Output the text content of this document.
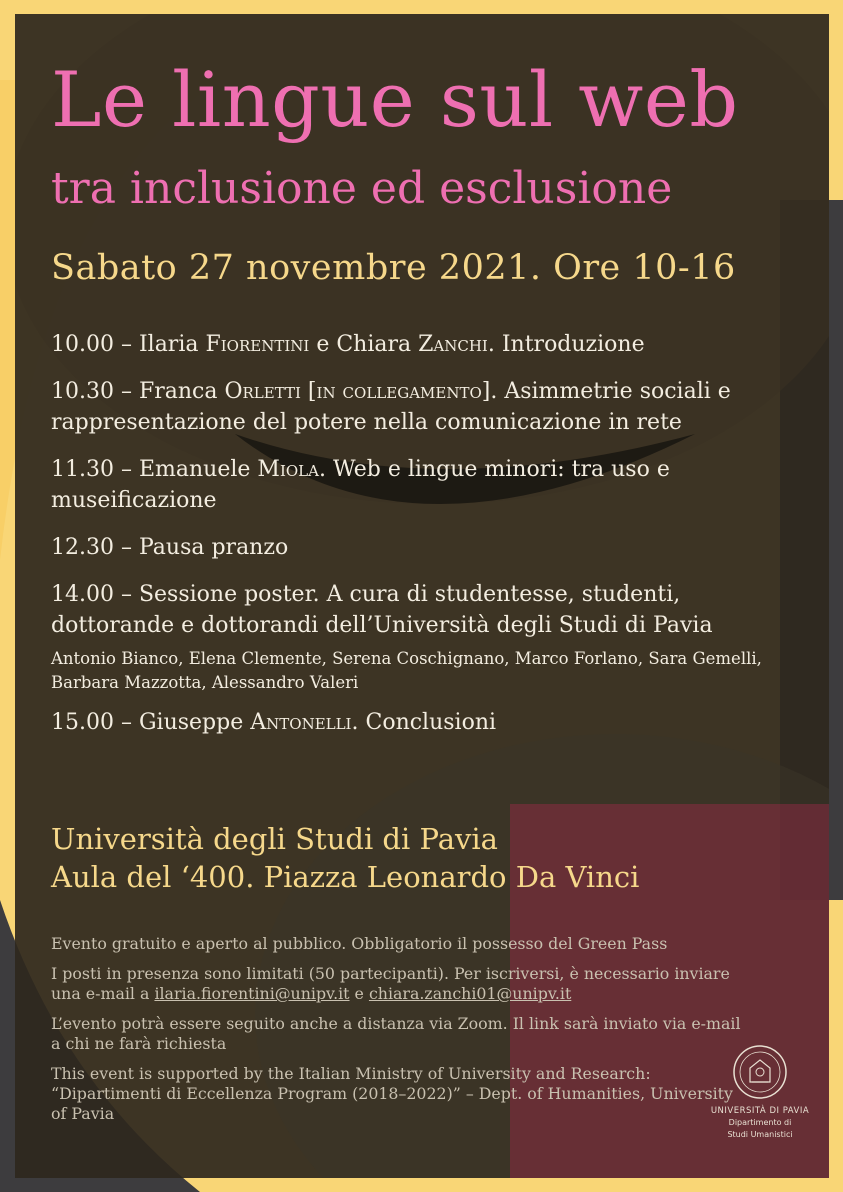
Le lingue sul web
tra inclusione ed esclusione
Sabato 27 novembre 2021. Ore 10-16

10.00 – Ilaria Fiorentini e Chiara Zanchi. Introduzione

10.30 – Franca Orletti [in collegamento]. Asimmetrie sociali e rappresentazione del potere nella comunicazione in rete

11.30 – Emanuele Miola. Web e lingue minori: tra uso e museificazione

12.30 – Pausa pranzo

14.00 – Sessione poster. A cura di studentesse, studenti, dottorande e dottorandi dell’Università degli Studi di Pavia

Antonio Bianco, Elena Clemente, Serena Coschignano, Marco Forlano, Sara Gemelli, Barbara Mazzotta, Alessandro Valeri

15.00 – Giuseppe Antonelli. Conclusioni

Università degli Studi di Pavia
Aula del ‘400. Piazza Leonardo Da Vinci

Evento gratuito e aperto al pubblico. Obbligatorio il possesso del Green Pass

I posti in presenza sono limitati (50 partecipanti). Per iscriversi, è necessario inviare una e-mail a ilaria.fiorentini@unipv.it e chiara.zanchi01@unipv.it

L’evento potrà essere seguito anche a distanza via Zoom. Il link sarà inviato via e-mail a chi ne farà richiesta

This event is supported by the Italian Ministry of University and Research: “Dipartimenti di Eccellenza Program (2018–2022)” – Dept. of Humanities, University of Pavia	UNIVERSITÀ DI PAVIA
Dipartimento di
Studi Umanistici
